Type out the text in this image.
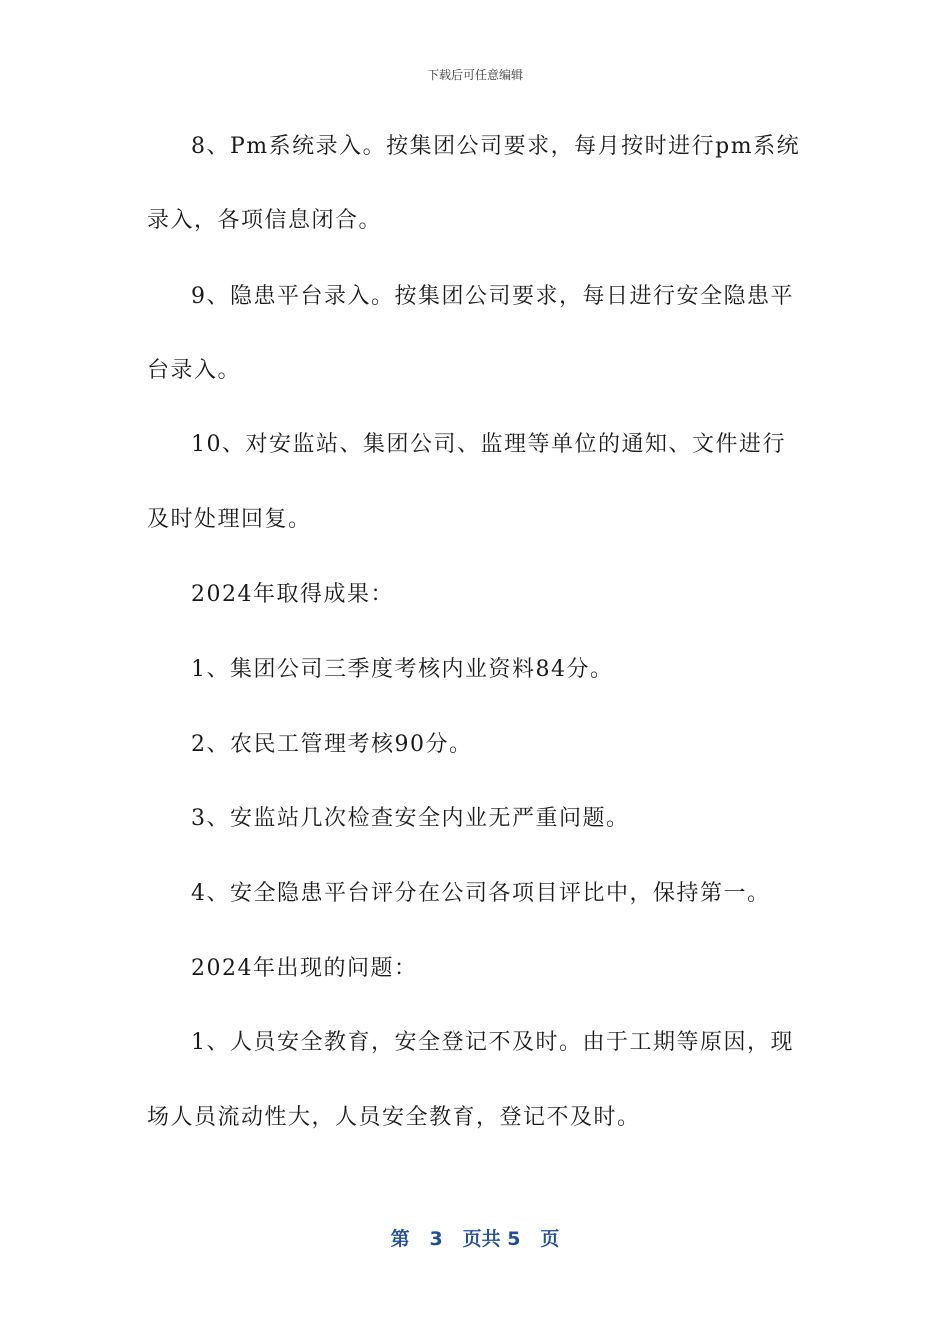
下载后可任意编辑
8、Pm系统录入。按集团公司要求，每月按时进行pm系统
录入，各项信息闭合。
9、隐患平台录入。按集团公司要求，每日进行安全隐患平
台录入。
10、对安监站、集团公司、监理等单位的通知、文件进行
及时处理回复。
2024年取得成果：
1、集团公司三季度考核内业资料84分。
2、农民工管理考核90分。
3、安监站几次检查安全内业无严重问题。
4、安全隐患平台评分在公司各项目评比中，保持第一。
2024年出现的问题：
1、人员安全教育，安全登记不及时。由于工期等原因，现
场人员流动性大，人员安全教育，登记不及时。
第 3 页共 5 页
